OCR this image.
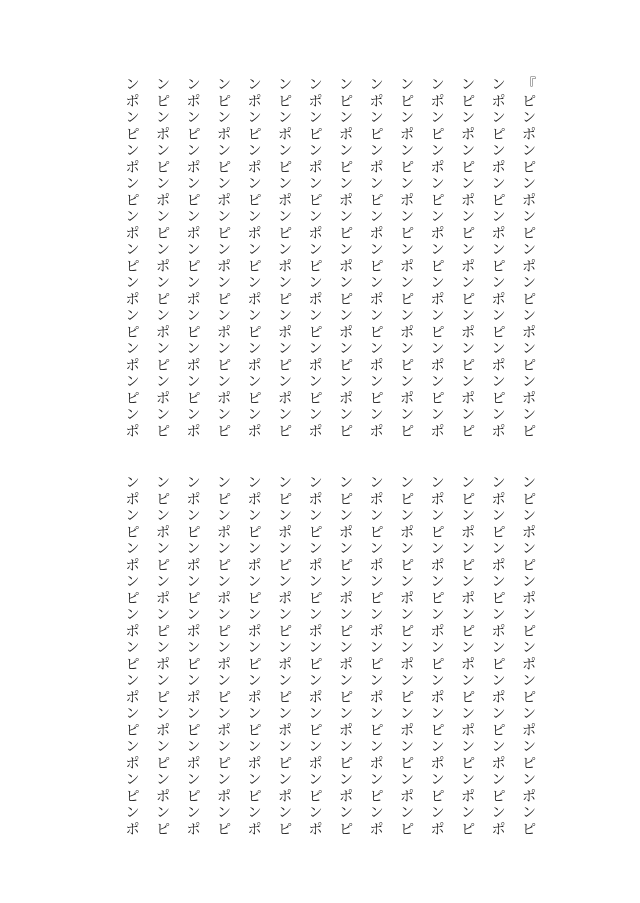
『
ピ
ン
ポ
ン
ピ
ン
ポ
ン
ピ
ン
ポ
ン
ピ
ン
ポ
ン
ピ
ン
ポ
ン
ピ
ン
ポ
ン
ピ
ン
ポ
ン
ピ
ン
ポ
ン
ピ
ン
ポ
ン
ピ
ン
ポ
ン
ピ
ン
ポ
ン
ピ
ン
ポ
ン
ピ
ン
ポ
ン
ピ
ン
ポ
ン
ピ
ン
ポ
ン
ピ
ン
ポ
ン
ピ
ン
ポ
ン
ピ
ン
ポ
ン
ピ
ン
ポ
ン
ピ
ン
ポ
ン
ピ
ン
ポ
ン
ピ
ン
ポ
ン
ピ
ン
ポ
ン
ピ
ン
ポ
ン
ピ
ン
ポ
ン
ピ
ン
ポ
ン
ピ
ン
ポ
ン
ピ
ン
ポ
ン
ピ
ン
ポ
ン
ピ
ン
ポ
ン
ピ
ン
ポ
ン
ピ
ン
ポ
ン
ピ
ン
ポ
ン
ピ
ン
ポ
ン
ピ
ン
ポ
ン
ピ
ン
ポ
ン
ピ
ン
ポ
ン
ピ
ン
ポ
ン
ピ
ン
ポ
ン
ピ
ン
ポ
ン
ピ
ン
ポ
ン
ピ
ン
ポ
ン
ピ
ン
ポ
ン
ピ
ン
ポ
ン
ピ
ン
ポ
ン
ピ
ン
ポ
ン
ピ
ン
ポ
ン
ピ
ン
ポ
ン
ピ
ン
ポ
ン
ピ
ン
ポ
ン
ピ
ン
ポ
ン
ピ
ン
ポ
ン
ピ
ン
ポ
ン
ピ
ン
ポ
ン
ピ
ン
ポ
ン
ピ
ン
ポ
ン
ピ
ン
ポ
ン
ピ
ン
ポ
ン
ピ
ン
ポ
ン
ピ
ン
ポ
ン
ピ
ン
ポ
ン
ピ
ン
ポ
ン
ピ
ン
ポ
ン
ピ
ン
ポ
ン
ピ
ン
ポ
ン
ピ
ン
ポ
ン
ピ
ン
ポ
ン
ピ
ン
ポ
ン
ピ
ン
ポ
ン
ピ
ン
ポ
ン
ピ
ン
ポ
ン
ピ
ン
ポ
ン
ピ
ン
ポ
ン
ピ
ン
ポ
ン
ピ
ン
ポ
ン
ピ
ン
ポ
ン
ピ
ン
ポ
ン
ピ
ン
ポ
ン
ピ
ン
ポ
ン
ピ
ン
ポ
ン
ピ
ン
ポ
ン
ピ
ン
ポ
ン
ピ
ン
ポ
ン
ピ
ン
ポ
ン
ピ
ン
ポ
ン
ピ
ン
ポ
ン
ピ
ン
ポ
ン
ピ
ン
ポ
ン
ピ
ン
ポ
ン
ピ
ン
ポ
ン
ピ
ン
ポ
ン
ピ
ン
ポ
ン
ピ
ン
ポ
ン
ピ
ン
ポ
ン
ピ
ン
ポ
ン
ピ
ン
ポ
ン
ピ
ン
ポ
ン
ピ
ン
ポ
ン
ピ
ン
ポ
ン
ピ
ン
ポ
ン
ピ
ン
ポ
ン
ピ
ン
ポ
ン
ピ
ン
ポ
ン
ピ
ン
ポ
ン
ピ
ン
ポ
ン
ピ
ン
ポ
ン
ピ
ン
ポ
ン
ピ
ン
ポ
ン
ピ
ン
ポ
ン
ピ
ン
ポ
ン
ピ
ン
ポ
ン
ピ
ン
ポ
ン
ピ
ン
ポ
ン
ピ
ン
ポ
ン
ピ
ン
ポ
ン
ピ
ン
ポ
ン
ピ
ン
ポ
ン
ピ
ン
ポ
ン
ピ
ン
ポ
ン
ピ
ン
ポ
ン
ピ
ン
ポ
ン
ピ
ン
ポ
ン
ピ
ン
ポ
ン
ピ
ン
ポ
ン
ピ
ン
ポ
ン
ピ
ン
ポ
ン
ピ
ン
ポ
ン
ピ
ン
ポ
ン
ピ
ン
ポ
ン
ピ
ン
ポ
ン
ピ
ン
ポ
ン
ピ
ン
ポ
ン
ピ
ン
ポ
ン
ピ
ン
ポ
ン
ピ
ン
ポ
ン
ピ
ン
ポ
ン
ピ
ン
ポ
ン
ピ
ン
ポ
ン
ピ
ン
ポ
ン
ピ
ン
ポ
ン
ピ
ン
ポ
ン
ピ
ン
ポ
ン
ピ
ン
ポ
ン
ピ
ン
ポ
ン
ピ
ン
ポ
ン
ピ
ン
ポ
ン
ピ
ン
ポ
ン
ピ
ン
ポ
ン
ピ
ン
ポ
ン
ピ
ン
ポ
ン
ピ
ン
ポ
ン
ピ
ン
ポ
ン
ピ
ン
ポ
ン
ピ
ン
ポ
